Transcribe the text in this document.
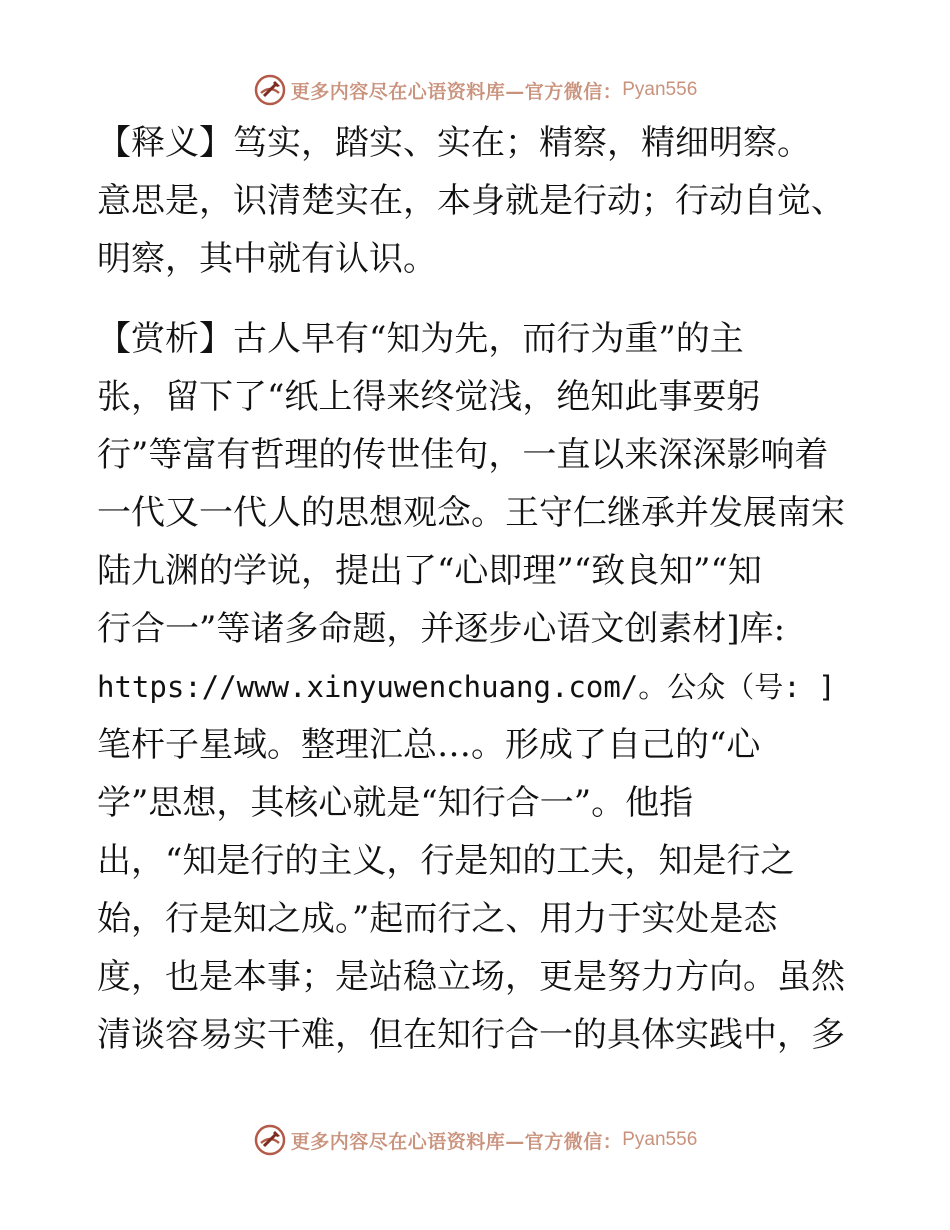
更多内容尽在心语资料库—官方微信： Pyan556
【释义】笃实，踏实、实在；精察，精细明察。
意思是，识清楚实在，本身就是行动；行动自觉、
明察，其中就有认识。
【赏析】古人早有“知为先，而行为重”的主
张，留下了“纸上得来终觉浅，绝知此事要躬
行”等富有哲理的传世佳句，一直以来深深影响着
一代又一代人的思想观念。王守仁继承并发展南宋
陆九渊的学说，提出了“心即理”“致良知”“知
行合一”等诸多命题，并逐步心语文创素材]库:
https://www.xinyuwenchuang.com/。公众（号: ]
笔杆子星域。整理汇总…。形成了自己的“心
学”思想，其核心就是“知行合一”。他指
出，“知是行的主义，行是知的工夫，知是行之
始，行是知之成。”起而行之、用力于实处是态
度，也是本事；是站稳立场，更是努力方向。虽然
清谈容易实干难，但在知行合一的具体实践中，多
更多内容尽在心语资料库—官方微信： Pyan556
